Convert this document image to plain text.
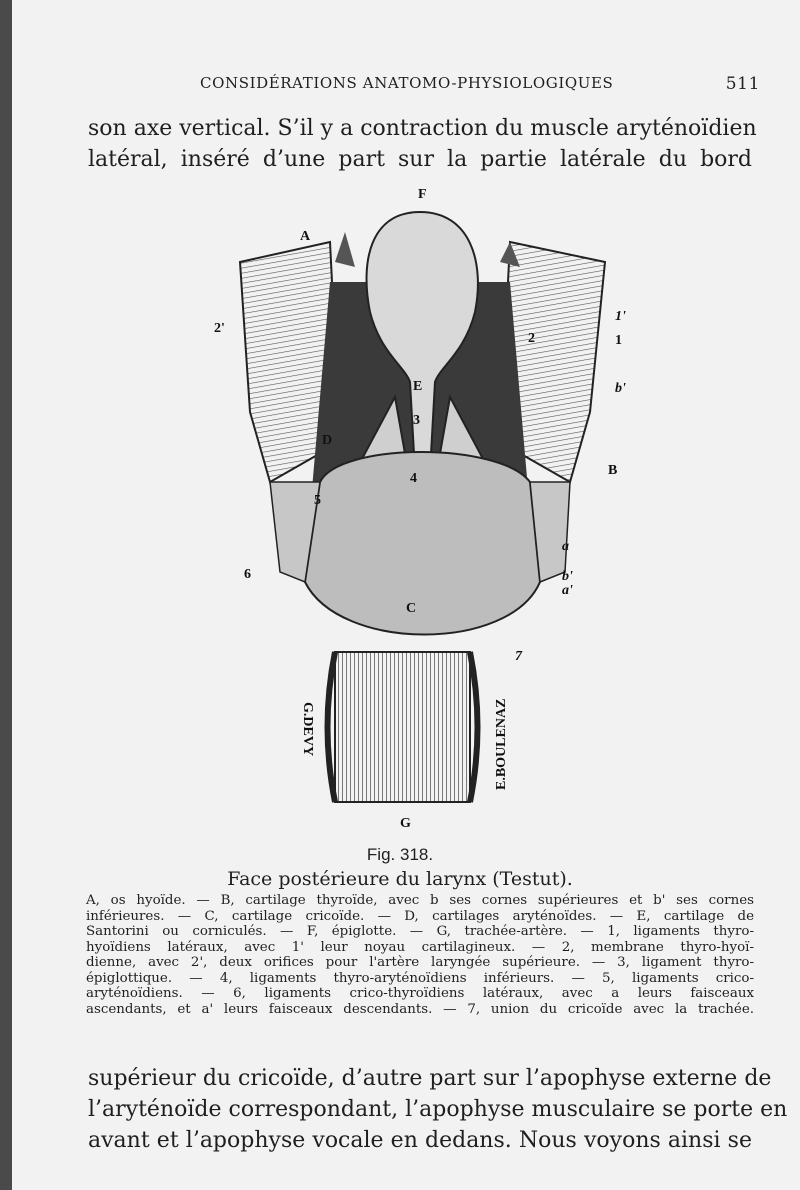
CONSIDÉRATIONS ANATOMO-PHYSIOLOGIQUES	511
son axe vertical. S’il y a contraction du muscle aryténoïdien
latéral, inséré d’une part sur la partie latérale du bord
F
A
1'
1
2
2'
b'
E
3
D
4
B
5
a
6	b'
a'
C
7
G
G.DEVY	E.BOULENAZ
Fig. 318.
Face postérieure du larynx (Testut).
A, os hyoïde. — B, cartilage thyroïde, avec b ses cornes supérieures et b' ses cornes
inférieures. — C, cartilage cricoïde. — D, cartilages aryténoïdes. — E, cartilage de
Santorini ou corniculés. — F, épiglotte. — G, trachée-artère. — 1, ligaments thyro-
hyoïdiens latéraux, avec 1' leur noyau cartilagineux. — 2, membrane thyro-hyoï-
dienne, avec 2', deux orifices pour l'artère laryngée supérieure. — 3, ligament thyro-
épiglottique. — 4, ligaments thyro-aryténoïdiens inférieurs. — 5, ligaments crico-
aryténoïdiens. — 6, ligaments crico-thyroïdiens latéraux, avec a leurs faisceaux
ascendants, et a' leurs faisceaux descendants. — 7, union du cricoïde avec la trachée.
supérieur du cricoïde, d’autre part sur l’apophyse externe de
l’aryténoïde correspondant, l’apophyse musculaire se porte en
avant et l’apophyse vocale en dedans. Nous voyons ainsi se
